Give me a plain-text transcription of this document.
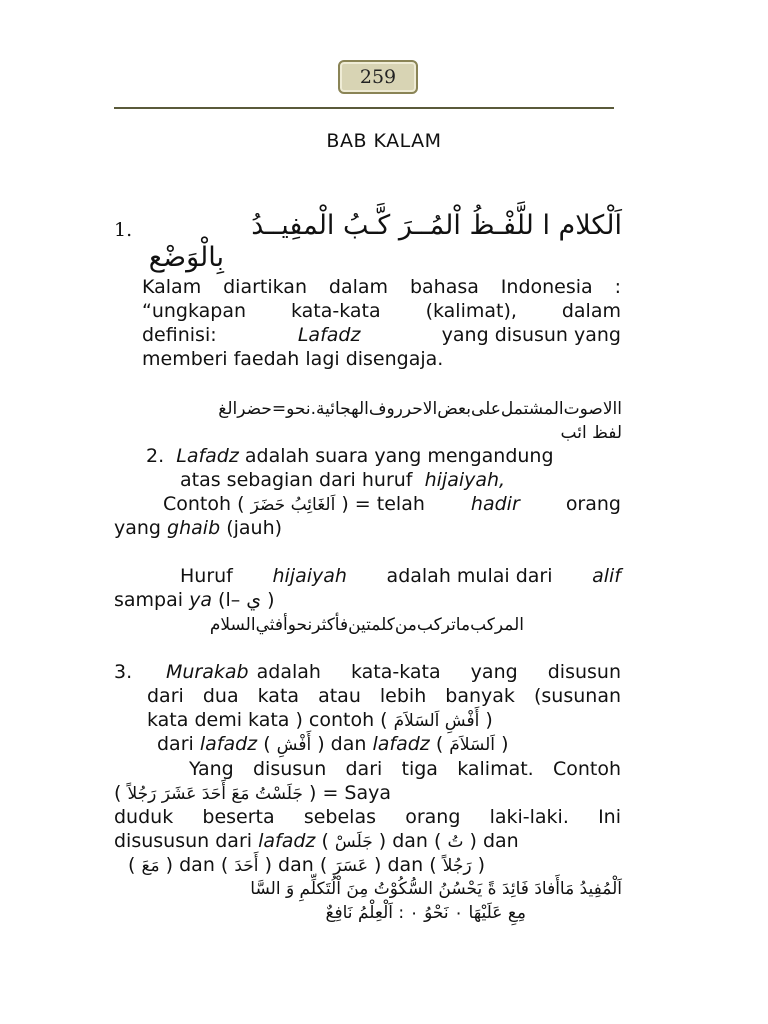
259
BAB KALAM
1.	اَلْكلام ا للَّفْـظُ اْلمُــرَ كَّـبُ الْمفِيــدُ
بِالْوَضْع
Kalam diartikan dalam bahasa Indonesia :
“ungkapan kata-kata (kalimat), dalam
definisi:	Lafadz	yang disusun yang
memberi faedah lagi disengaja.
االاصوت‌المشتمل‌على‌بعض‌الاحرروف‌الهجائية.نحو=حضرالغ
لفظ ائب
2. Lafadz adalah suara yang mengandung
atas sebagian dari huruf hijaiyah,
Contoh ( اَلغَائِبُ حَضَرَ ) = telah hadir orang
yang ghaib (jauh)
Huruf hijaiyah adalah mulai dari alif
sampai ya (l– ي )
المركب‌ماتركب‌من‌كلمتين‌فأكثر‌نحوأفثي‌السلام
3.	Murakab adalah kata-kata yang disusun
dari dua kata atau lebih banyak (susunan
kata demi kata ) contoh ( أَفْشِ اَلسَلاَمَ )
dari lafadz ( أَفْشِ ) dan lafadz ( اَلسَلاَمَ )
Yang disusun dari tiga kalimat. Contoh
( جَلَسْتُ مَعَ أَحَدَ عَشَرَ رَجُلاً ) = Saya
duduk beserta sebelas orang laki-laki. Ini
disususun dari lafadz ( جَلَسْ ) dan ( تُ ) dan
( مَعَ ) dan ( أَحَدَ ) dan ( عَسَرَ ) dan ( رَجُلاً )
اَلْمُفِيدُ مَاأَفادَ فَائِدَ ةً يَحْسُنُ السُّكُوْتُ مِنَ اْلُتَكلِّمِ وَ السَّا
مِعِ عَلَيْهَا ٠ نَحْوُ ٠ : اَلْعِلْمُ نَافِعٌ
